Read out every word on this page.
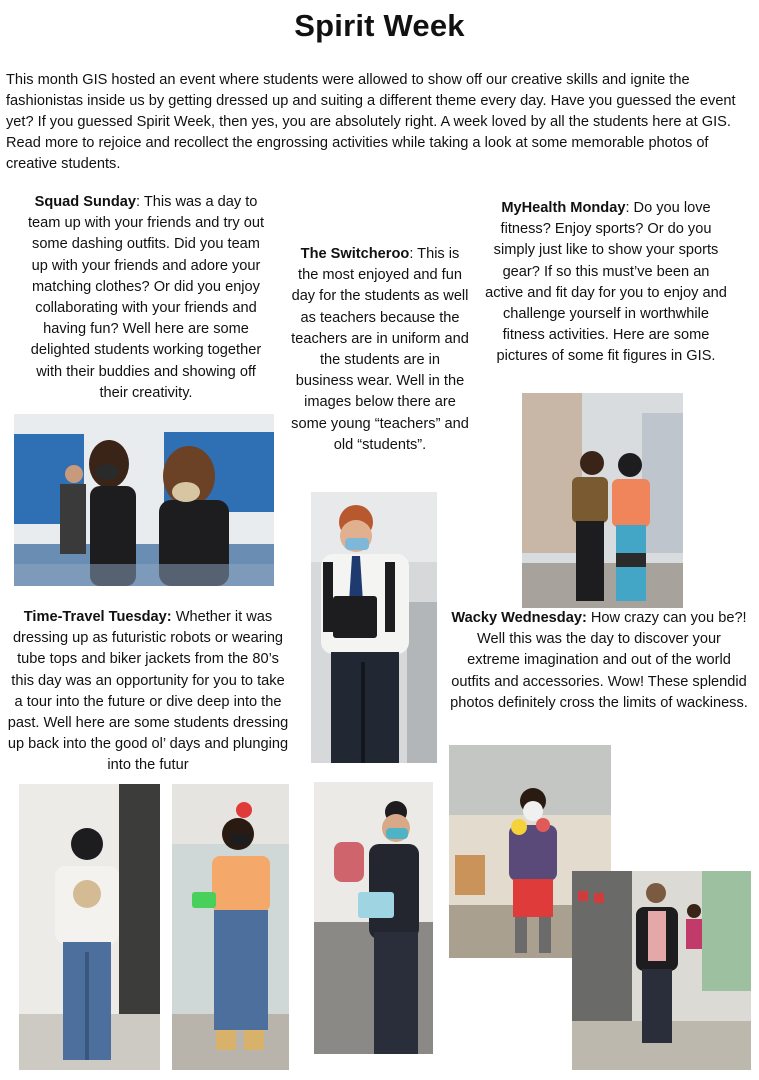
Spirit Week
This month GIS hosted an event where students were allowed to show off our creative skills and ignite the fashionistas inside us by getting dressed up and suiting a different theme every day. Have you guessed the event yet? If you guessed Spirit Week, then yes, you are absolutely right. A week loved by all the students here at GIS. Read more to rejoice and recollect the engrossing activities while taking a look at some memorable photos of creative students.
Squad Sunday: This was a day to team up with your friends and try out some dashing outfits. Did you team up with your friends and adore your matching clothes? Or did you enjoy collaborating with your friends and having fun? Well here are some delighted students working together with their buddies and showing off their creativity.
The Switcheroo: This is the most enjoyed and fun day for the students as well as teachers because the teachers are in uniform and the students are in business wear. Well in the images below there are some young “teachers” and old “students”.
MyHealth Monday: Do you love fitness? Enjoy sports? Or do you simply just like to show your sports gear? If so this must’ve been an active and fit day for you to enjoy and challenge yourself in worthwhile fitness activities. Here are some pictures of some fit figures in GIS.
Time-Travel Tuesday: Whether it was dressing up as futuristic robots or wearing tube tops and biker jackets from the 80’s this day was an opportunity for you to take a tour into the future or dive deep into the past. Well here are some students dressing up back into the good ol’ days and plunging into the futur
Wacky Wednesday: How crazy can you be?! Well this was the day to discover your extreme imagination and out of the world outfits and accessories. Wow! These splendid photos definitely cross the limits of wackiness.
